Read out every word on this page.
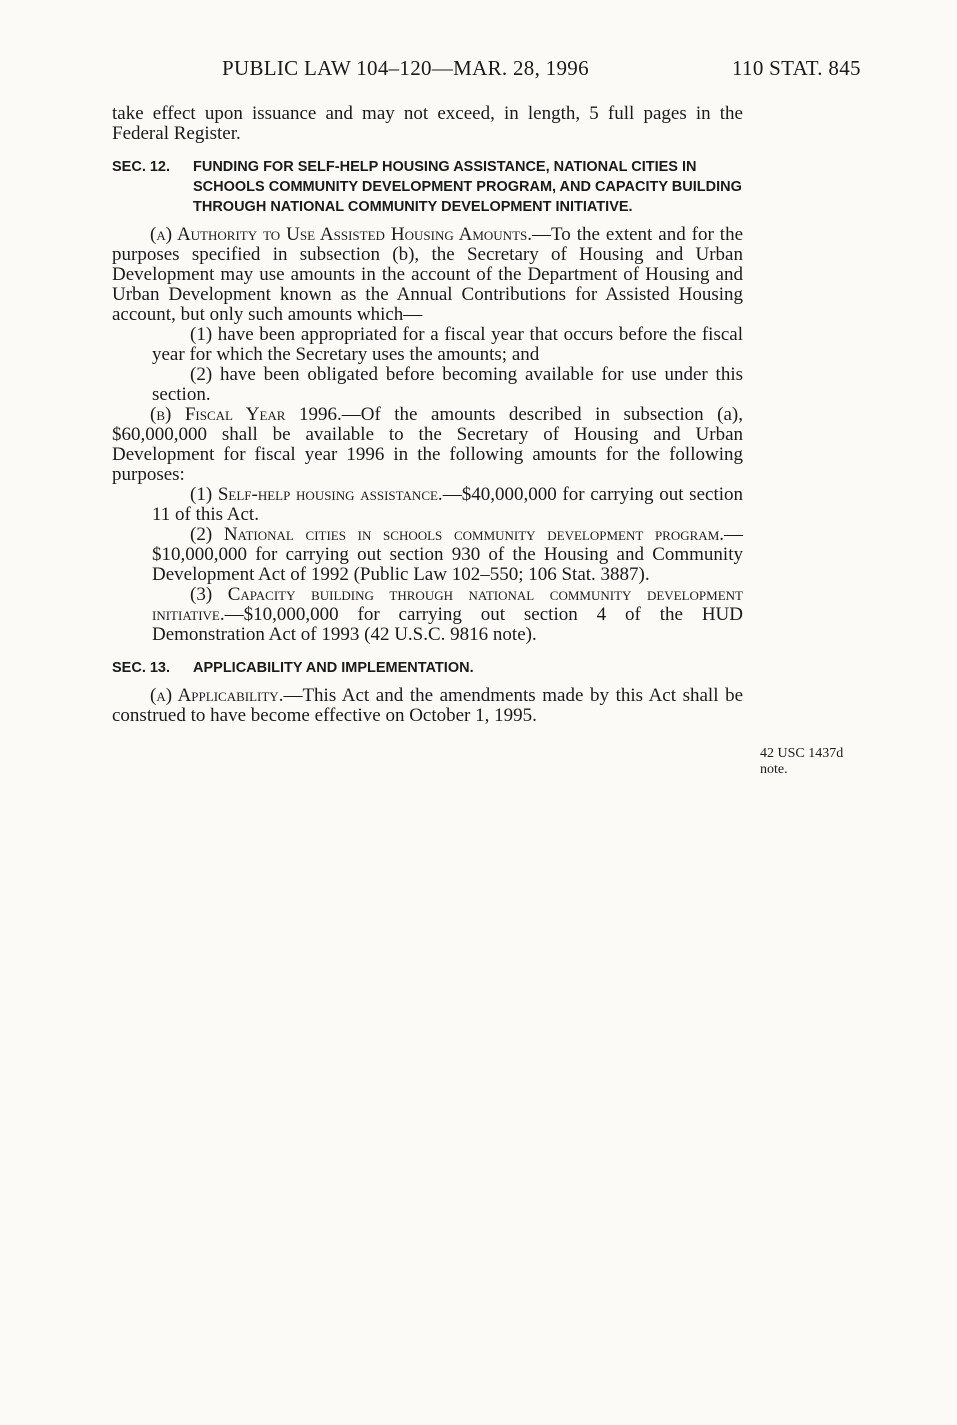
PUBLIC LAW 104–120—MAR. 28, 1996	110 STAT. 845

take effect upon issuance and may not exceed, in length, 5 full pages in the Federal Register.

SEC. 12. FUNDING FOR SELF-HELP HOUSING ASSISTANCE, NATIONAL CITIES IN SCHOOLS COMMUNITY DEVELOPMENT PROGRAM, AND CAPACITY BUILDING THROUGH NATIONAL COMMUNITY DEVELOPMENT INITIATIVE.

(a) Authority to Use Assisted Housing Amounts.—To the extent and for the purposes specified in subsection (b), the Secretary of Housing and Urban Development may use amounts in the account of the Department of Housing and Urban Development known as the Annual Contributions for Assisted Housing account, but only such amounts which—

(1) have been appropriated for a fiscal year that occurs before the fiscal year for which the Secretary uses the amounts; and

(2) have been obligated before becoming available for use under this section.

(b) Fiscal Year 1996.—Of the amounts described in subsection (a), $60,000,000 shall be available to the Secretary of Housing and Urban Development for fiscal year 1996 in the following amounts for the following purposes:

(1) Self-help housing assistance.—$40,000,000 for carrying out section 11 of this Act.

(2) National cities in schools community development program.—$10,000,000 for carrying out section 930 of the Housing and Community Development Act of 1992 (Public Law 102–550; 106 Stat. 3887).

(3) Capacity building through national community development initiative.—$10,000,000 for carrying out section 4 of the HUD Demonstration Act of 1993 (42 U.S.C. 9816 note).

SEC. 13. APPLICABILITY AND IMPLEMENTATION.

(a) Applicability.—This Act and the amendments made by this Act shall be construed to have become effective on October 1, 1995.

42 USC 1437d
note.
